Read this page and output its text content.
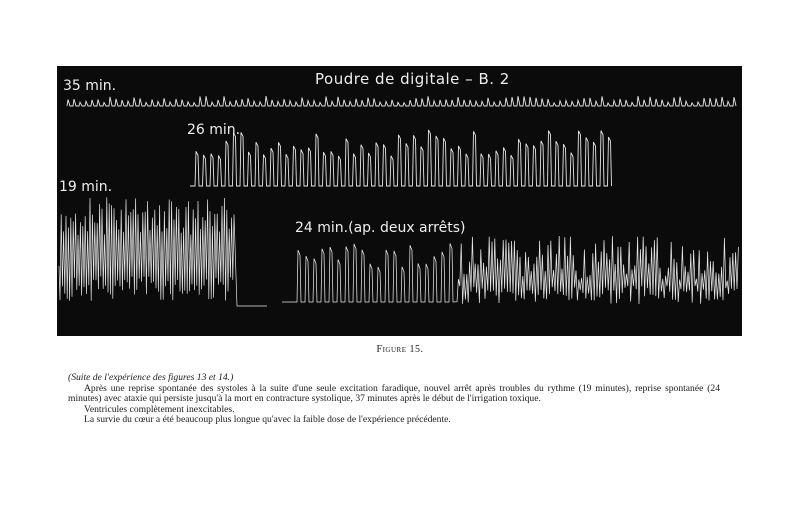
Poudre de digitale – B. 2
35 min.
26 min.
19 min.
24 min.(ap. deux arrêts)
Figure 15.

(Suite de l'expérience des figures 13 et 14.)

Après une reprise spontanée des systoles à la suite d'une seule excitation faradique, nouvel arrêt après troubles du rythme (19 minutes), reprise spontanée (24 minutes) avec ataxie qui persiste jusqu'à la mort en contracture systolique, 37 minutes après le début de l'irrigation toxique.

Ventricules complètement inexcitables.

La survie du cœur a été beaucoup plus longue qu'avec la faible dose de l'expérience précédente.
